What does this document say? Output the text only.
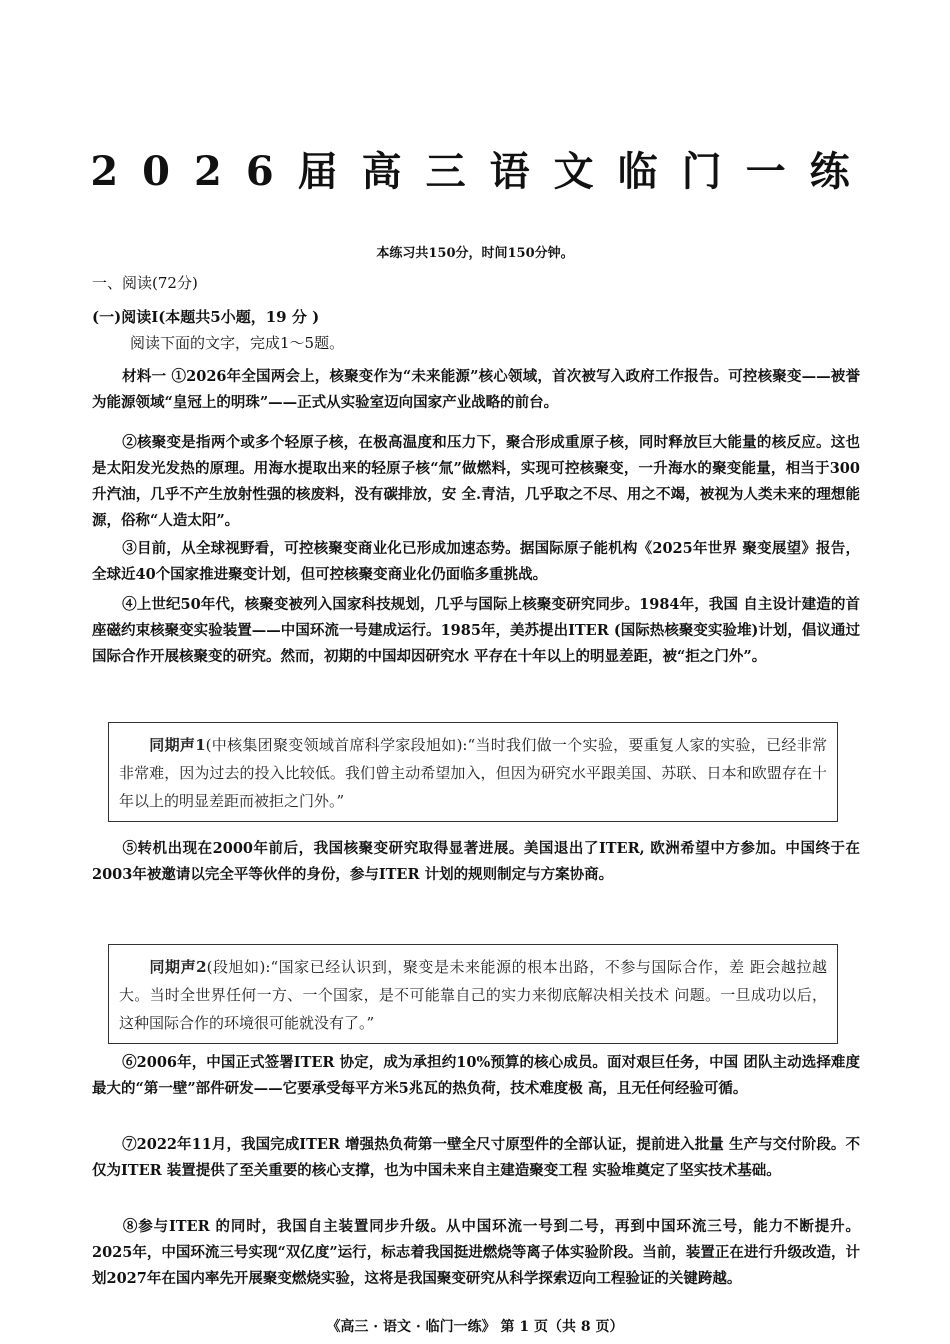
2026届高三语文临门一练
本练习共150分，时间150分钟。
一、阅读(72分)
(一)阅读Ⅰ(本题共5小题，19 分 )
阅读下面的文字，完成1～5题。

材料一 ①2026年全国两会上，核聚变作为“未来能源”核心领域，首次被写入政府工作报告。可控核聚变——被誉为能源领域“皇冠上的明珠”——正式从实验室迈向国家产业战略的前台。

②核聚变是指两个或多个轻原子核，在极高温度和压力下，聚合形成重原子核，同时释放巨大能量的核反应。这也是太阳发光发热的原理。用海水提取出来的轻原子核“氚”做燃料，实现可控核聚变，一升海水的聚变能量，相当于300升汽油，几乎不产生放射性强的核废料，没有碳排放，安 全.青洁，几乎取之不尽、用之不竭，被视为人类未来的理想能源，俗称“人造太阳”。

③目前，从全球视野看，可控核聚变商业化已形成加速态势。据国际原子能机构《2025年世界 聚变展望》报告，全球近40个国家推进聚变计划，但可控核聚变商业化仍面临多重挑战。

④上世纪50年代，核聚变被列入国家科技规划，几乎与国际上核聚变研究同步。1984年，我国 自主设计建造的首座磁约束核聚变实验装置——中国环流一号建成运行。1985年，美苏提出ITER (国际热核聚变实验堆)计划，倡议通过国际合作开展核聚变的研究。然而，初期的中国却因研究水 平存在十年以上的明显差距，被“拒之门外”。

同期声1(中核集团聚变领域首席科学家段旭如):“当时我们做一个实验，要重复人家的实验，已经非常非常难，因为过去的投入比较低。我们曾主动希望加入，但因为研究水平跟美国、苏联、日本和欧盟存在十年以上的明显差距而被拒之门外。”

⑤转机出现在2000年前后，我国核聚变研究取得显著进展。美国退出了ITER, 欧洲希望中方参加。中国终于在2003年被邀请以完全平等伙伴的身份，参与ITER 计划的规则制定与方案协商。

同期声2(段旭如):“国家已经认识到，聚变是未来能源的根本出路，不参与国际合作，差 距会越拉越大。当时全世界任何一方、一个国家，是不可能靠自己的实力来彻底解决相关技术 问题。一旦成功以后，这种国际合作的环境很可能就没有了。”

⑥2006年，中国正式签署ITER 协定，成为承担约10%预算的核心成员。面对艰巨任务，中国 团队主动选择难度最大的“第一壁”部件研发——它要承受每平方米5兆瓦的热负荷，技术难度极 高，且无任何经验可循。

⑦2022年11月，我国完成ITER 增强热负荷第一壁全尺寸原型件的全部认证，提前进入批量 生产与交付阶段。不仅为ITER 装置提供了至关重要的核心支撑，也为中国未来自主建造聚变工程 实验堆奠定了坚实技术基础。

⑧参与ITER 的同时，我国自主装置同步升级。从中国环流一号到二号，再到中国环流三号，能力不断提升。2025年，中国环流三号实现“双亿度”运行，标志着我国挺进燃烧等离子体实验阶段。当前，装置正在进行升级改造，计划2027年在国内率先开展聚变燃烧实验，这将是我国聚变研究从科学探索迈向工程验证的关键跨越。

《高三 · 语文 · 临门一练》 第 1 页（共 8 页）
